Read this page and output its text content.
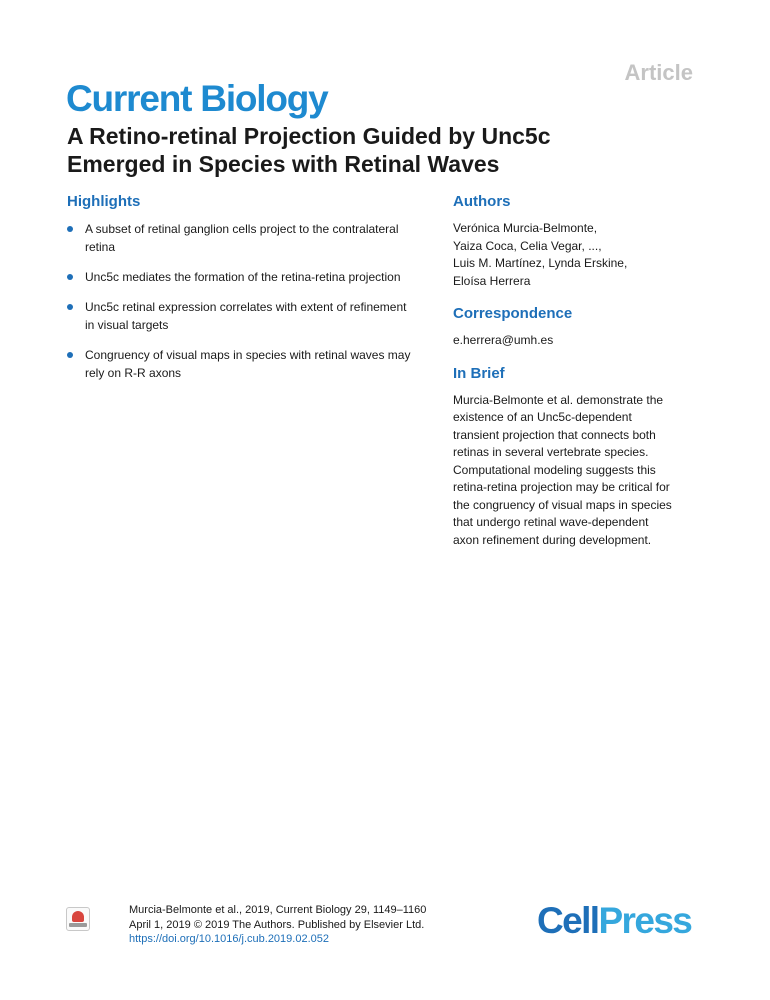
Article
Current Biology
A Retino-retinal Projection Guided by Unc5c
Emerged in Species with Retinal Waves
Highlights
A subset of retinal ganglion cells project to the contralateral
retina
Unc5c mediates the formation of the retina-retina projection
Unc5c retinal expression correlates with extent of refinement
in visual targets
Congruency of visual maps in species with retinal waves may
rely on R-R axons
Authors
Verónica Murcia-Belmonte,
Yaiza Coca, Celia Vegar, ...,
Luis M. Martínez, Lynda Erskine,
Eloísa Herrera
Correspondence
e.herrera@umh.es
In Brief
Murcia-Belmonte et al. demonstrate the
existence of an Unc5c-dependent
transient projection that connects both
retinas in several vertebrate species.
Computational modeling suggests this
retina-retina projection may be critical for
the congruency of visual maps in species
that undergo retinal wave-dependent
axon refinement during development.
Murcia-Belmonte et al., 2019, Current Biology 29, 1149–1160
April 1, 2019 © 2019 The Authors. Published by Elsevier Ltd.
https://doi.org/10.1016/j.cub.2019.02.052	CellPress
